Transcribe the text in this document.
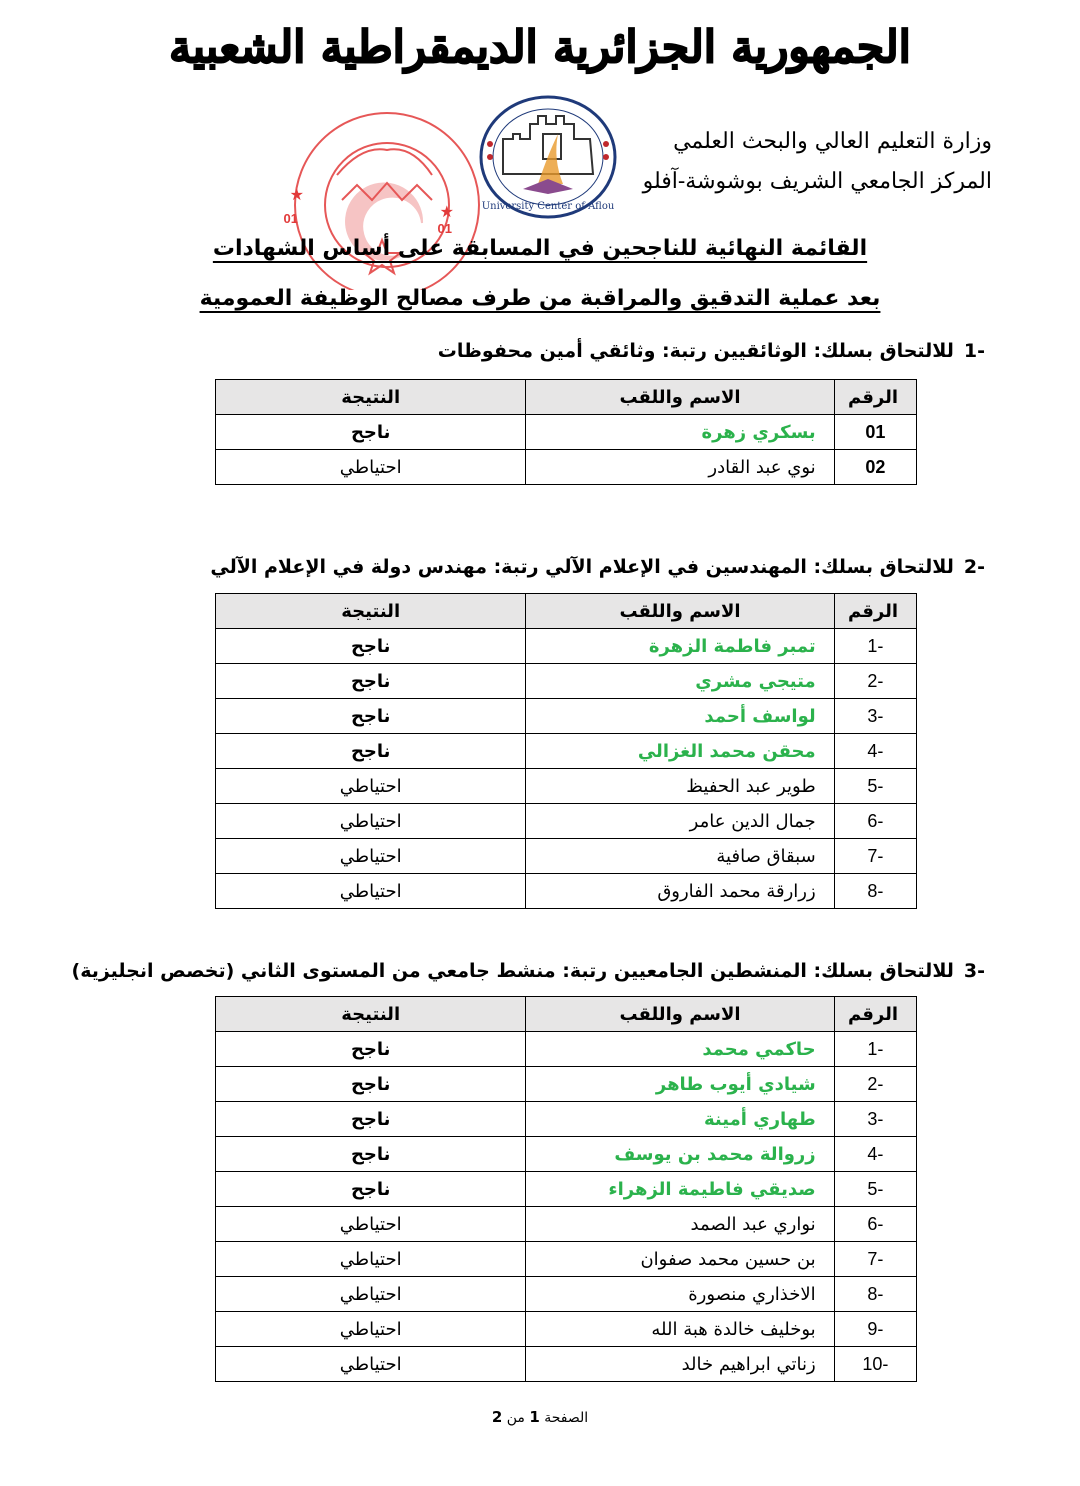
الجمهورية الجزائرية الديمقراطية الشعبية
01
01
★
★	University Center of Aflou
وزارة التعليم العالي والبحث العلمي
المركز الجامعي الشريف بوشوشة-آفلو
القائمة النهائية للناجحين في المسابقة على أساس الشهادات
بعد عملية التدقيق والمراقبة من طرف مصالح الوظيفة العمومية
-1للالتحاق بسلك: الوثائقيين رتبة: وثائقي أمين محفوظات
الرقم	الاسم واللقب	النتيجة
01	بسكري زهرة	ناجح
02	نوي عبد القادر	احتياطي
-2للالتحاق بسلك: المهندسين في الإعلام الآلي رتبة: مهندس دولة في الإعلام الآلي
الرقم	الاسم واللقب	النتيجة
-1	تمبر فاطمة الزهرة	ناجح
-2	متيجي مشري	ناجح
-3	لواسف أحمد	ناجح
-4	محقن محمد الغزالي	ناجح
-5	طوير عبد الحفيظ	احتياطي
-6	جمال الدين عامر	احتياطي
-7	سبقاق صافية	احتياطي
-8	زرارقة محمد الفاروق	احتياطي
-3للالتحاق بسلك: المنشطين الجامعيين رتبة: منشط جامعي من المستوى الثاني (تخصص انجليزية)
الرقم	الاسم واللقب	النتيجة
-1	حاكمي محمد	ناجح
-2	شيادي أيوب طاهر	ناجح
-3	طهاري أمينة	ناجح
-4	زروالة محمد بن يوسف	ناجح
-5	صديقي فاطيمة الزهراء	ناجح
-6	نواري عبد الصمد	احتياطي
-7	بن حسين محمد صفوان	احتياطي
-8	الاخذاري منصورة	احتياطي
-9	بوخليف خالدة هبة الله	احتياطي
-10	زناتي ابراهيم خالد	احتياطي
الصفحة 1 من 2
